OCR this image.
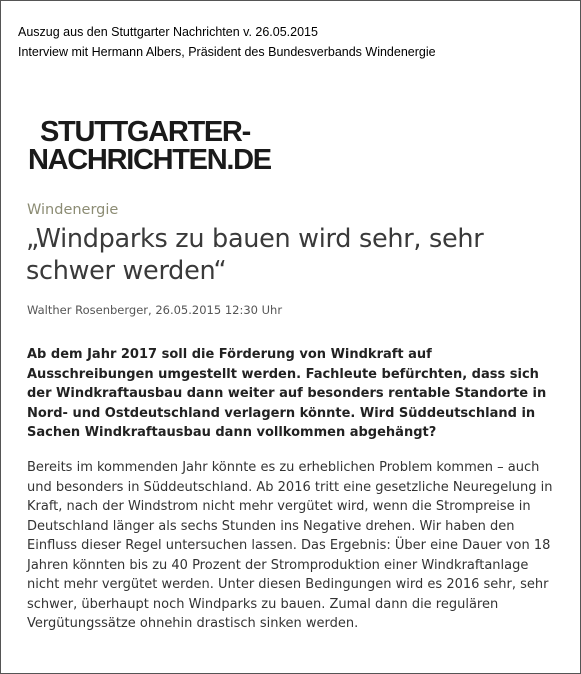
Auszug aus den Stuttgarter Nachrichten v. 26.05.2015
Interview mit Hermann Albers, Präsident des Bundesverbands Windenergie
STUTTGARTER-
NACHRICHTEN.DE
Windenergie
„Windparks zu bauen wird sehr, sehr schwer werden“
Walther Rosenberger, 26.05.2015 12:30 Uhr

Ab dem Jahr 2017 soll die Förderung von Windkraft auf Ausschreibungen umgestellt werden. Fachleute befürchten, dass sich der Windkraftausbau dann weiter auf besonders rentable Standorte in Nord- und Ostdeutschland verlagern könnte. Wird Süddeutschland in Sachen Windkraftausbau dann vollkommen abgehängt?

Bereits im kommenden Jahr könnte es zu erheblichen Problem kommen – auch und besonders in Süddeutschland. Ab 2016 tritt eine gesetzliche Neuregelung in Kraft, nach der Windstrom nicht mehr vergütet wird, wenn die Strompreise in Deutschland länger als sechs Stunden ins Negative drehen. Wir haben den Einfluss dieser Regel untersuchen lassen. Das Ergebnis: Über eine Dauer von 18 Jahren könnten bis zu 40 Prozent der Stromproduktion einer Windkraftanlage nicht mehr vergütet werden. Unter diesen Bedingungen wird es 2016 sehr, sehr schwer, überhaupt noch Windparks zu bauen. Zumal dann die regulären Vergütungssätze ohnehin drastisch sinken werden.
